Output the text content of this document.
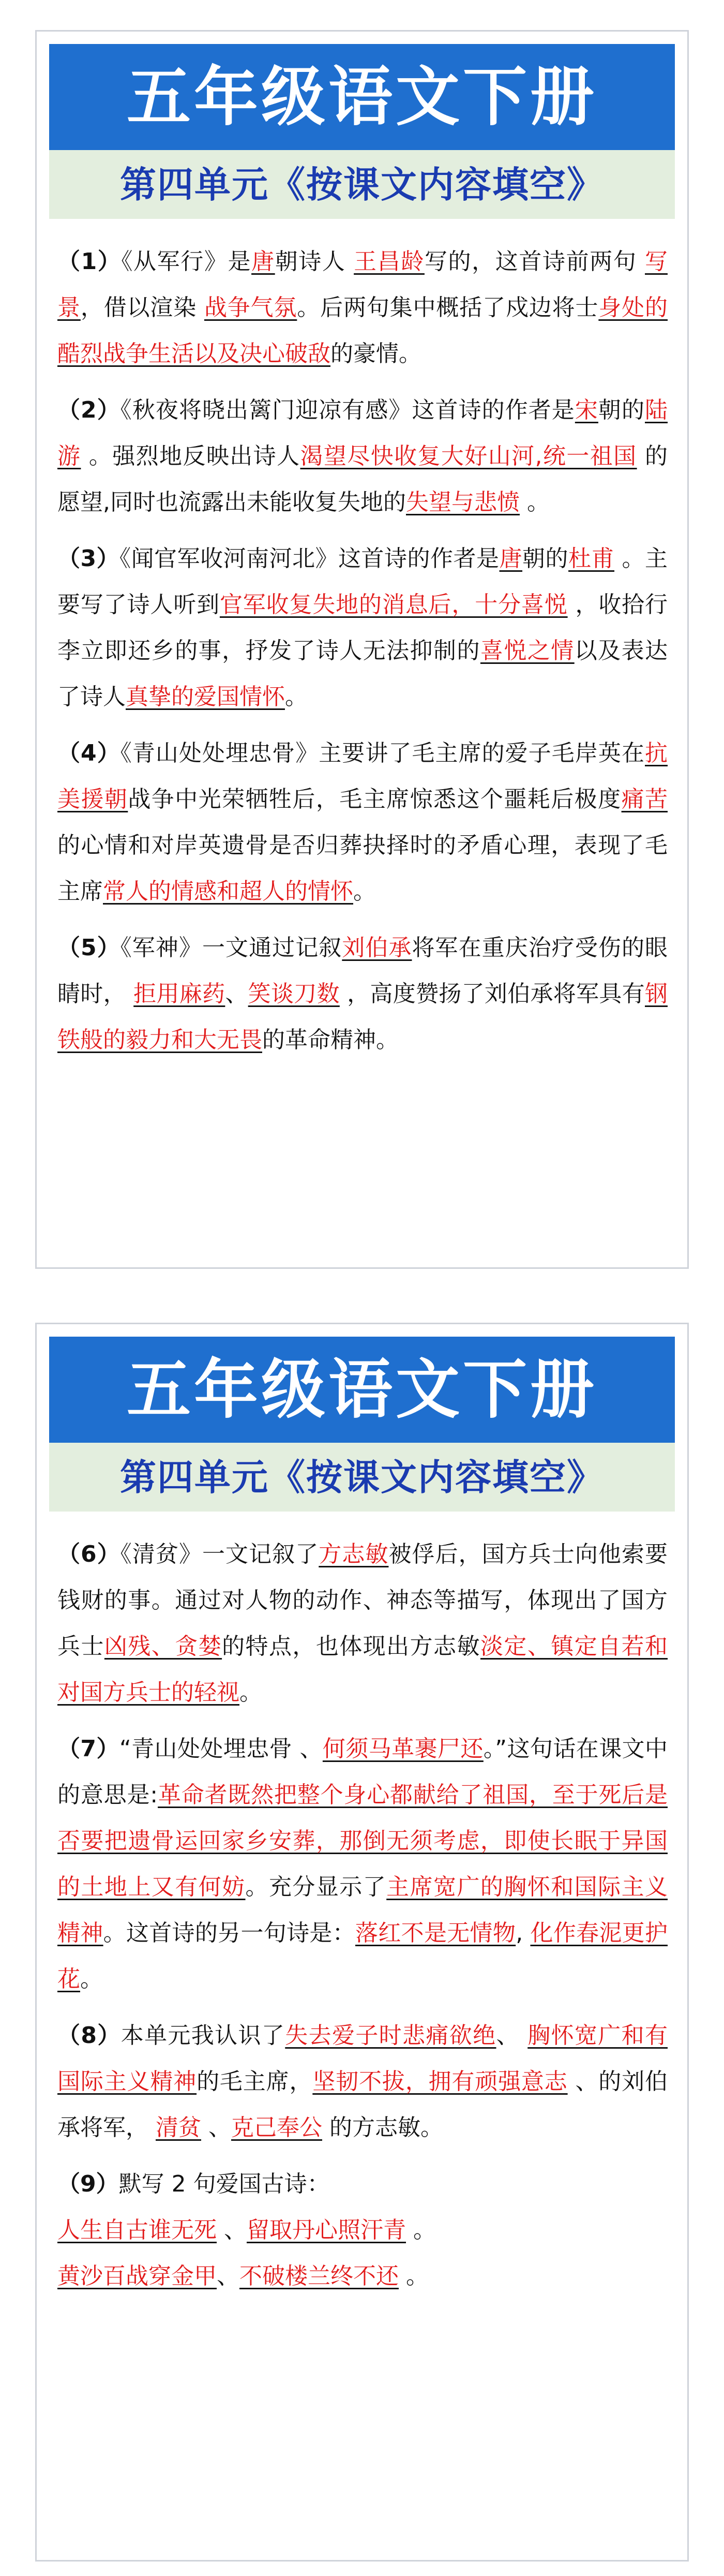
五年级语文下册
第四单元《按课文内容填空》
（1）《从军行》是唐朝诗人 王昌龄写的，这首诗前两句 写景，借以渲染 战争气氛。后两句集中概括了戍边将士身处的酷烈战争生活以及决心破敌的豪情。
（2）《秋夜将晓出篱门迎凉有感》这首诗的作者是宋朝的陆游 。强烈地反映出诗人渴望尽快收复大好山河,统一祖国 的愿望,同时也流露出未能收复失地的失望与悲愤 。
（3）《闻官军收河南河北》这首诗的作者是唐朝的杜甫 。主要写了诗人听到官军收复失地的消息后，十分喜悦 ，收拾行李立即还乡的事，抒发了诗人无法抑制的喜悦之情以及表达了诗人真挚的爱国情怀。
（4）《青山处处埋忠骨》主要讲了毛主席的爱子毛岸英在抗美援朝战争中光荣牺牲后，毛主席惊悉这个噩耗后极度痛苦的心情和对岸英遗骨是否归葬抉择时的矛盾心理，表现了毛主席常人的情感和超人的情怀。
（5）《军神》一文通过记叙刘伯承将军在重庆治疗受伤的眼睛时， 拒用麻药、笑谈刀数 ，高度赞扬了刘伯承将军具有钢铁般的毅力和大无畏的革命精神。
五年级语文下册
第四单元《按课文内容填空》
（6）《清贫》一文记叙了方志敏被俘后，国方兵士向他索要钱财的事。通过对人物的动作、神态等描写，体现出了国方兵士凶残、贪婪的特点，也体现出方志敏淡定、镇定自若和对国方兵士的轻视。
（7）“青山处处埋忠骨 、何须马革裹尸还。”这句话在课文中的意思是:革命者既然把整个身心都献给了祖国，至于死后是否要把遗骨运回家乡安葬，那倒无须考虑，即使长眠于异国的土地上又有何妨。充分显示了主席宽广的胸怀和国际主义精神。这首诗的另一句诗是：落红不是无情物, 化作春泥更护花。
（8）本单元我认识了失去爱子时悲痛欲绝、 胸怀宽广和有国际主义精神的毛主席，坚韧不拔，拥有顽强意志 、的刘伯承将军， 清贫 、克己奉公 的方志敏。
（9）默写 2 句爱国古诗：
人生自古谁无死 、留取丹心照汗青 。
黄沙百战穿金甲、不破楼兰终不还 。
